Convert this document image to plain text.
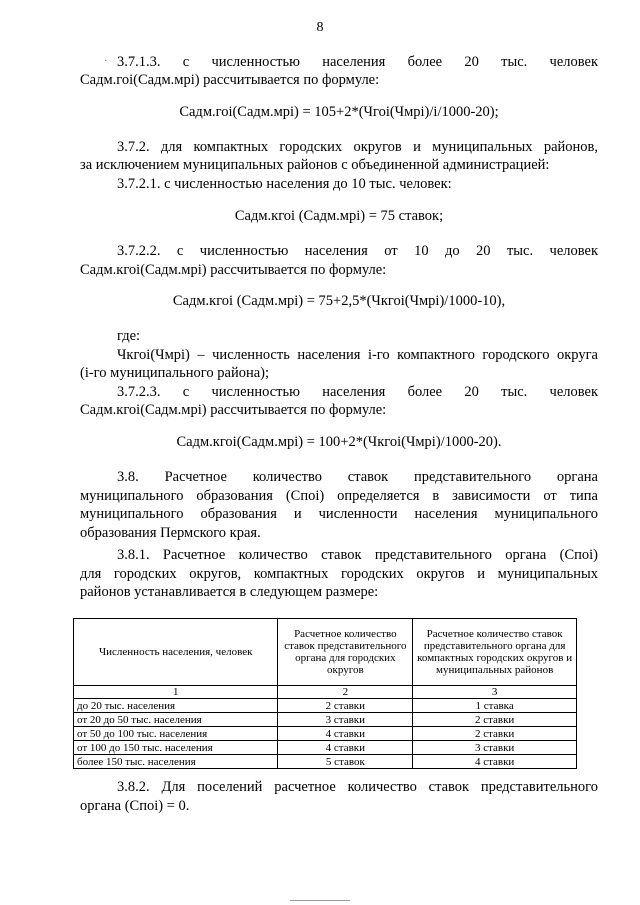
8
· 3.7.1.3. с численностью населения более 20 тыс. человек
Садм.гоi(Садм.мрi) рассчитывается по формуле:
Садм.гоi(Садм.мрi) = 105+2*(Чгоi(Чмрi)/i/1000-20);
3.7.2. для компактных городских округов и муниципальных районов,
за исключением муниципальных районов с объединенной администрацией:
3.7.2.1. с численностью населения до 10 тыс. человек:
Садм.кгоi (Садм.мрi) = 75 ставок;
3.7.2.2. с численностью населения от 10 до 20 тыс. человек
Садм.кгоi(Садм.мрi) рассчитывается по формуле:
Садм.кгоi (Садм.мрi) = 75+2,5*(Чкгоi(Чмрi)/1000-10),
где:
Чкгоi(Чмрi) – численность населения i-го компактного городского округа
(i-го муниципального района);
3.7.2.3. с численностью населения более 20 тыс. человек
Садм.кгоi(Садм.мрi) рассчитывается по формуле:
Садм.кгоi(Садм.мрi) = 100+2*(Чкгоi(Чмрi)/1000-20).
3.8. Расчетное количество ставок представительного органа
муниципального образования (Споi) определяется в зависимости от типа
муниципального образования и численности населения муниципального
образования Пермского края.
3.8.1. Расчетное количество ставок представительного органа (Споi)
для городских округов, компактных городских округов и муниципальных
районов устанавливается в следующем размере:
Численность населения, человек	Расчетное количество ставок представительного органа для городских округов	Расчетное количество ставок представительного органа для компактных городских округов и муниципальных районов
1	2	3
до 20 тыс. населения	2 ставки	1 ставка
от 20 до 50 тыс. населения	3 ставки	2 ставки
от 50 до 100 тыс. населения	4 ставки	2 ставки
от 100 до 150 тыс. населения	4 ставки	3 ставки
более 150 тыс. населения	5 ставок	4 ставки
3.8.2. Для поселений расчетное количество ставок представительного
органа (Споi) = 0.
